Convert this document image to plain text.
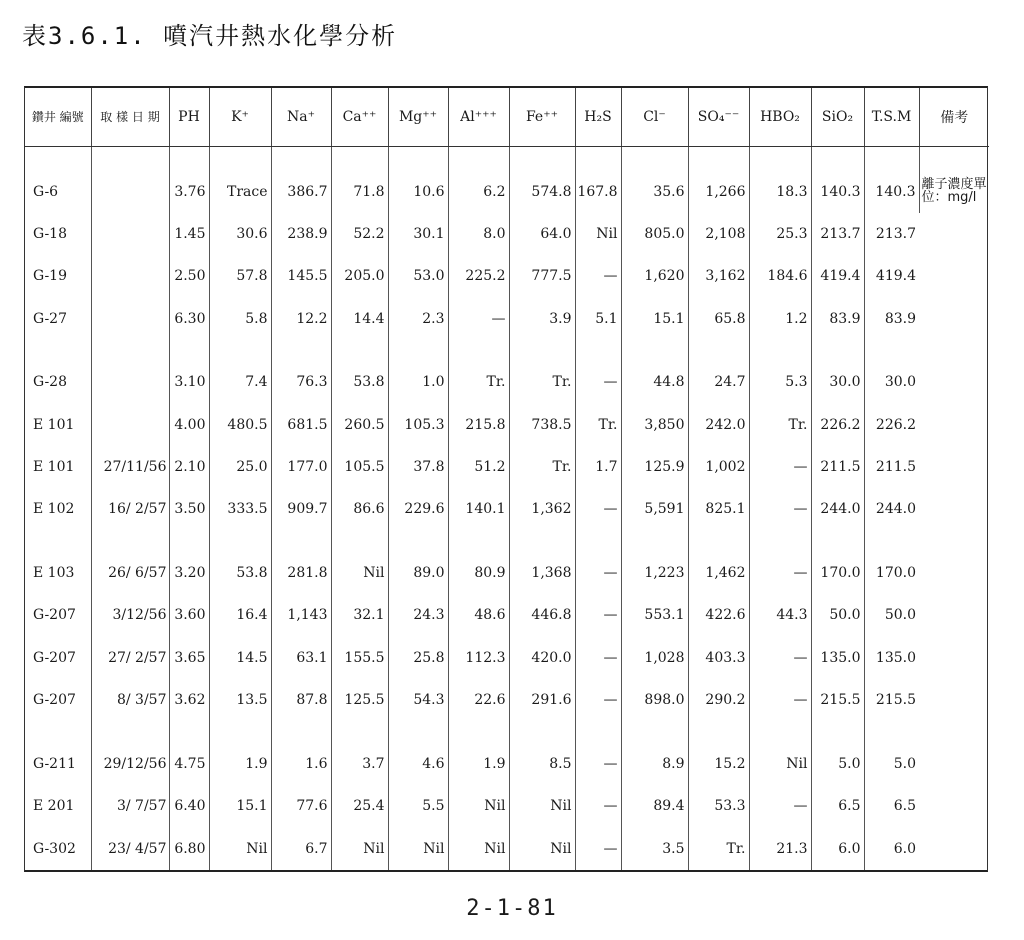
表3.6.1. 噴汽井熱水化學分析
鑽井 編號	取 樣 日 期	PH	K⁺	Na⁺	Ca⁺⁺	Mg⁺⁺	Al⁺⁺⁺	Fe⁺⁺	H₂S	Cl⁻	SO₄⁻⁻	HBO₂	SiO₂	T.S.M	備考

G-6		3.76	Trace	386.7	71.8	10.6	6.2	574.8	167.8	35.6	1,266	18.3	140.3	140.3	離子濃度單位：mg/l
G-18		1.45	30.6	238.9	52.2	30.1	8.0	64.0	Nil	805.0	2,108	25.3	213.7	213.7	
G-19		2.50	57.8	145.5	205.0	53.0	225.2	777.5	—	1,620	3,162	184.6	419.4	419.4	
G-27		6.30	5.8	12.2	14.4	2.3	—	3.9	5.1	15.1	65.8	1.2	83.9	83.9	

G-28		3.10	7.4	76.3	53.8	1.0	Tr.	Tr.	—	44.8	24.7	5.3	30.0	30.0	
E 101		4.00	480.5	681.5	260.5	105.3	215.8	738.5	Tr.	3,850	242.0	Tr.	226.2	226.2	
E 101	27/11/56	2.10	25.0	177.0	105.5	37.8	51.2	Tr.	1.7	125.9	1,002	—	211.5	211.5	
E 102	16/ 2/57	3.50	333.5	909.7	86.6	229.6	140.1	1,362	—	5,591	825.1	—	244.0	244.0	

E 103	26/ 6/57	3.20	53.8	281.8	Nil	89.0	80.9	1,368	—	1,223	1,462	—	170.0	170.0	
G-207	3/12/56	3.60	16.4	1,143	32.1	24.3	48.6	446.8	—	553.1	422.6	44.3	50.0	50.0	
G-207	27/ 2/57	3.65	14.5	63.1	155.5	25.8	112.3	420.0	—	1,028	403.3	—	135.0	135.0	
G-207	8/ 3/57	3.62	13.5	87.8	125.5	54.3	22.6	291.6	—	898.0	290.2	—	215.5	215.5	

G-211	29/12/56	4.75	1.9	1.6	3.7	4.6	1.9	8.5	—	8.9	15.2	Nil	5.0	5.0	
E 201	3/ 7/57	6.40	15.1	77.6	25.4	5.5	Nil	Nil	—	89.4	53.3	—	6.5	6.5	
G-302	23/ 4/57	6.80	Nil	6.7	Nil	Nil	Nil	Nil	—	3.5	Tr.	21.3	6.0	6.0	
2-1-81
